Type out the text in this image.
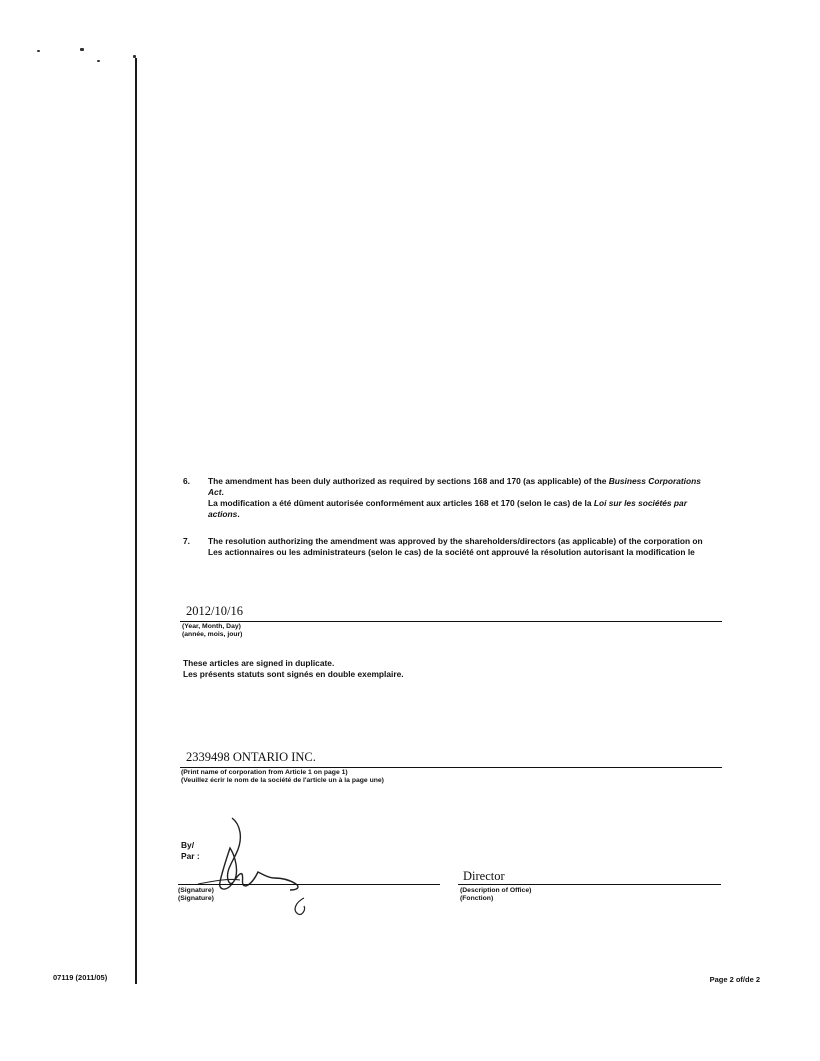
6. The amendment has been duly authorized as required by sections 168 and 170 (as applicable) of the Business Corporations Act.

La modification a été dûment autorisée conformément aux articles 168 et 170 (selon le cas) de la Loi sur les sociétés par actions.

7. The resolution authorizing the amendment was approved by the shareholders/directors (as applicable) of the corporation on

Les actionnaires ou les administrateurs (selon le cas) de la société ont approuvé la résolution autorisant la modification le

2012/10/16
(Year, Month, Day)
(année, mois, jour)
These articles are signed in duplicate.
Les présents statuts sont signés en double exemplaire.
2339498 ONTARIO INC.
(Print name of corporation from Article 1 on page 1)
(Veuillez écrir le nom de la société de l'article un à la page une)
By/
Par :
(Signature)
(Signature)
Director
(Description of Office)
(Fonction)
07119 (2011/05)	Page 2 of/de 2
